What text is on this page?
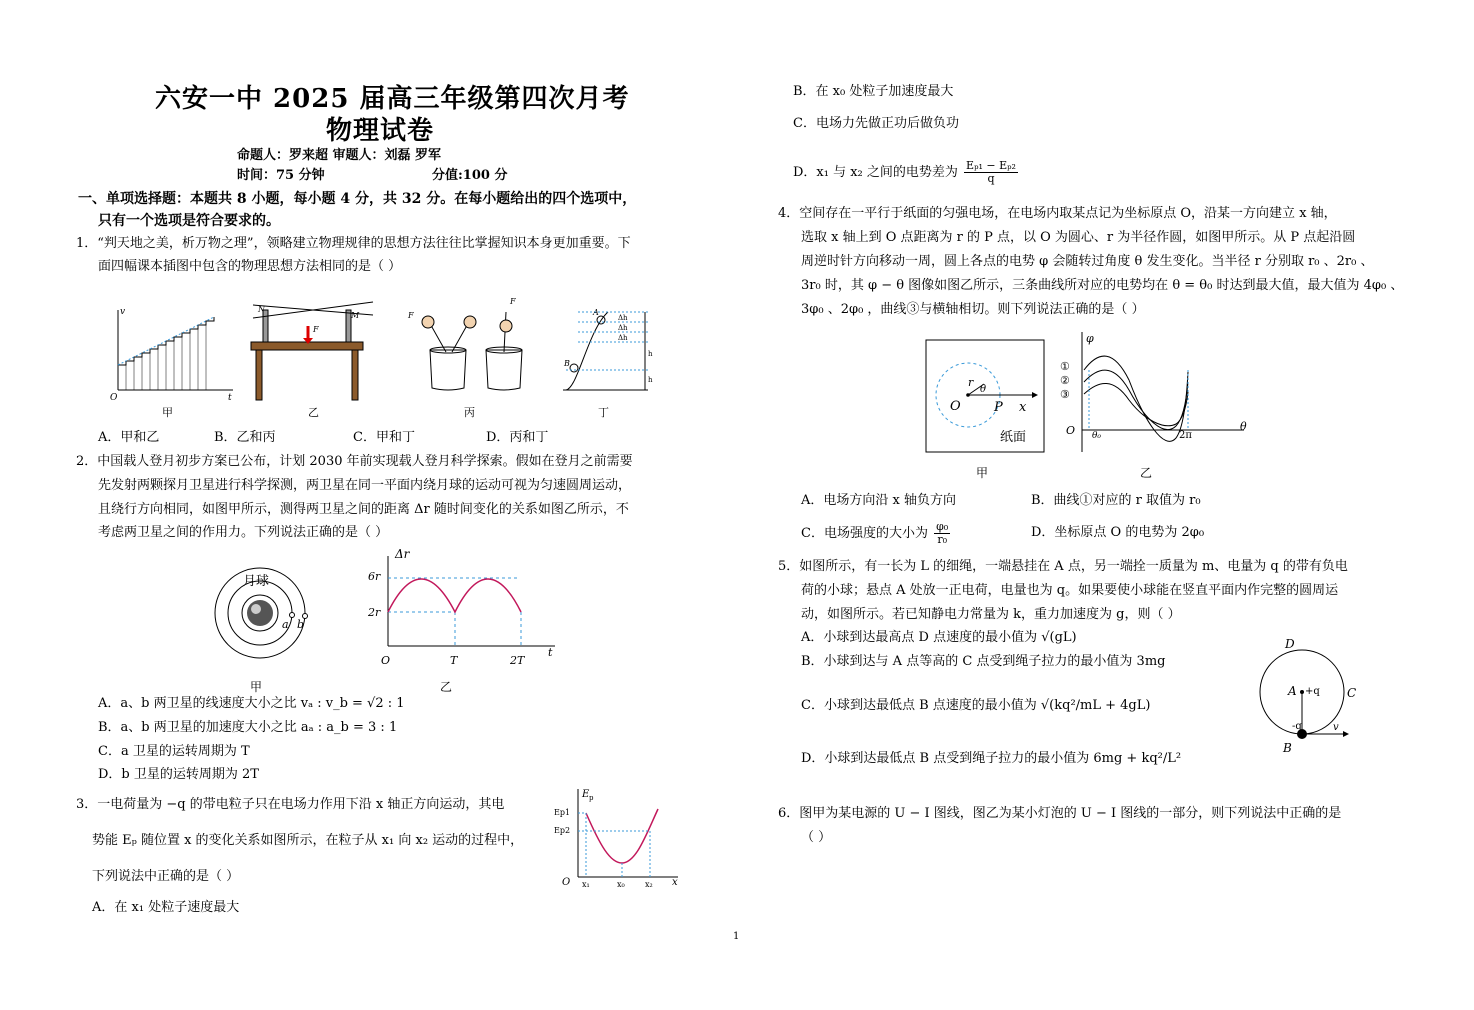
六安一中 2025 届高三年级第四次月考
物理试卷
命题人：罗来超 审题人：刘磊 罗军
时间：75 分钟	分值:100 分
一、单项选择题：本题共 8 小题，每小题 4 分，共 32 分。在每小题给出的四个选项中，
只有一个选项是符合要求的。
1．“判天地之美，析万物之理”，领略建立物理规律的思想方法往往比掌握知识本身更加重要。下
面四幅课本插图中包含的物理思想方法相同的是（ ）
v
t
O
N
M
F
F
F
A
B
Δh
Δh
Δh
h
h
甲	乙	丙	丁
A．甲和乙	B．乙和丙	C．甲和丁	D．丙和丁
2．中国载人登月初步方案已公布，计划 2030 年前实现载人登月科学探索。假如在登月之前需要
先发射两颗探月卫星进行科学探测，两卫星在同一平面内绕月球的运动可视为匀速圆周运动，
且绕行方向相同，如图甲所示，测得两卫星之间的距离 Δr 随时间变化的关系如图乙所示，不
考虑两卫星之间的作用力。下列说法正确的是（ ）
a b
Δr
t
6r
2r
O	T	2T
月球
甲	乙
A．a、b 两卫星的线速度大小之比 vₐ : v_b = √2 : 1
B．a、b 两卫星的加速度大小之比 aₐ : a_b = 3 : 1
C．a 卫星的运转周期为 T
D．b 卫星的运转周期为 2T
3．一电荷量为 −q 的带电粒子只在电场力作用下沿 x 轴正方向运动，其电
势能 Eₚ 随位置 x 的变化关系如图所示，在粒子从 x₁ 向 x₂ 运动的过程中，
下列说法中正确的是（ ）
A．在 x₁ 处粒子速度最大
E p
Ep1
Ep2
O	x
x₁	x₀	x₂
B．在 x₀ 处粒子加速度最大
C．电场力先做正功后做负功
D．x₁ 与 x₂ 之间的电势差为 $\frac{\text{Eₚ₁ − Eₚ₂}}{q}$
4．空间存在一平行于纸面的匀强电场，在电场内取某点记为坐标原点 O，沿某一方向建立 x 轴，
选取 x 轴上到 O 点距离为 r 的 P 点，以 O 为圆心、r 为半径作圆，如图甲所示。从 P 点起沿圆
周逆时针方向移动一周，圆上各点的电势 φ 会随转过角度 θ 发生变化。当半径 r 分别取 r₀ 、2r₀ 、
3r₀ 时，其 φ − θ 图像如图乙所示，三条曲线所对应的电势均在 θ = θ₀ 时达到最大值，最大值为 4φ₀ 、
3φ₀ 、2φ₀ ，曲线③与横轴相切。则下列说法正确的是（ ）
O	P x
r
θ
φ
θ
O θ₀	2π
①
②
③
纸面
甲	乙
A．电场方向沿 x 轴负方向	B．曲线①对应的 r 取值为 r₀
C．电场强度的大小为 $\frac{\text{φ₀}}{\text{r₀}}$	D．坐标原点 O 的电势为 2φ₀
5．如图所示，有一长为 L 的细绳，一端悬挂在 A 点，另一端拴一质量为 m、电量为 q 的带有负电
荷的小球；悬点 A 处放一正电荷，电量也为 q。如果要使小球能在竖直平面内作完整的圆周运
动，如图所示。若已知静电力常量为 k，重力加速度为 g，则（ ）
A．小球到达最高点 D 点速度的最小值为 √(gL)
B．小球到达与 A 点等高的 C 点受到绳子拉力的最小值为 3mg
C．小球到达最低点 B 点速度的最小值为 √(kq²/mL + 4gL)
D．小球到达最低点 B 点受到绳子拉力的最小值为 6mg + kq²/L²
D
A +q C
B
-q	v
6．图甲为某电源的 U − I 图线，图乙为某小灯泡的 U − I 图线的一部分，则下列说法中正确的是
（ ）
1
